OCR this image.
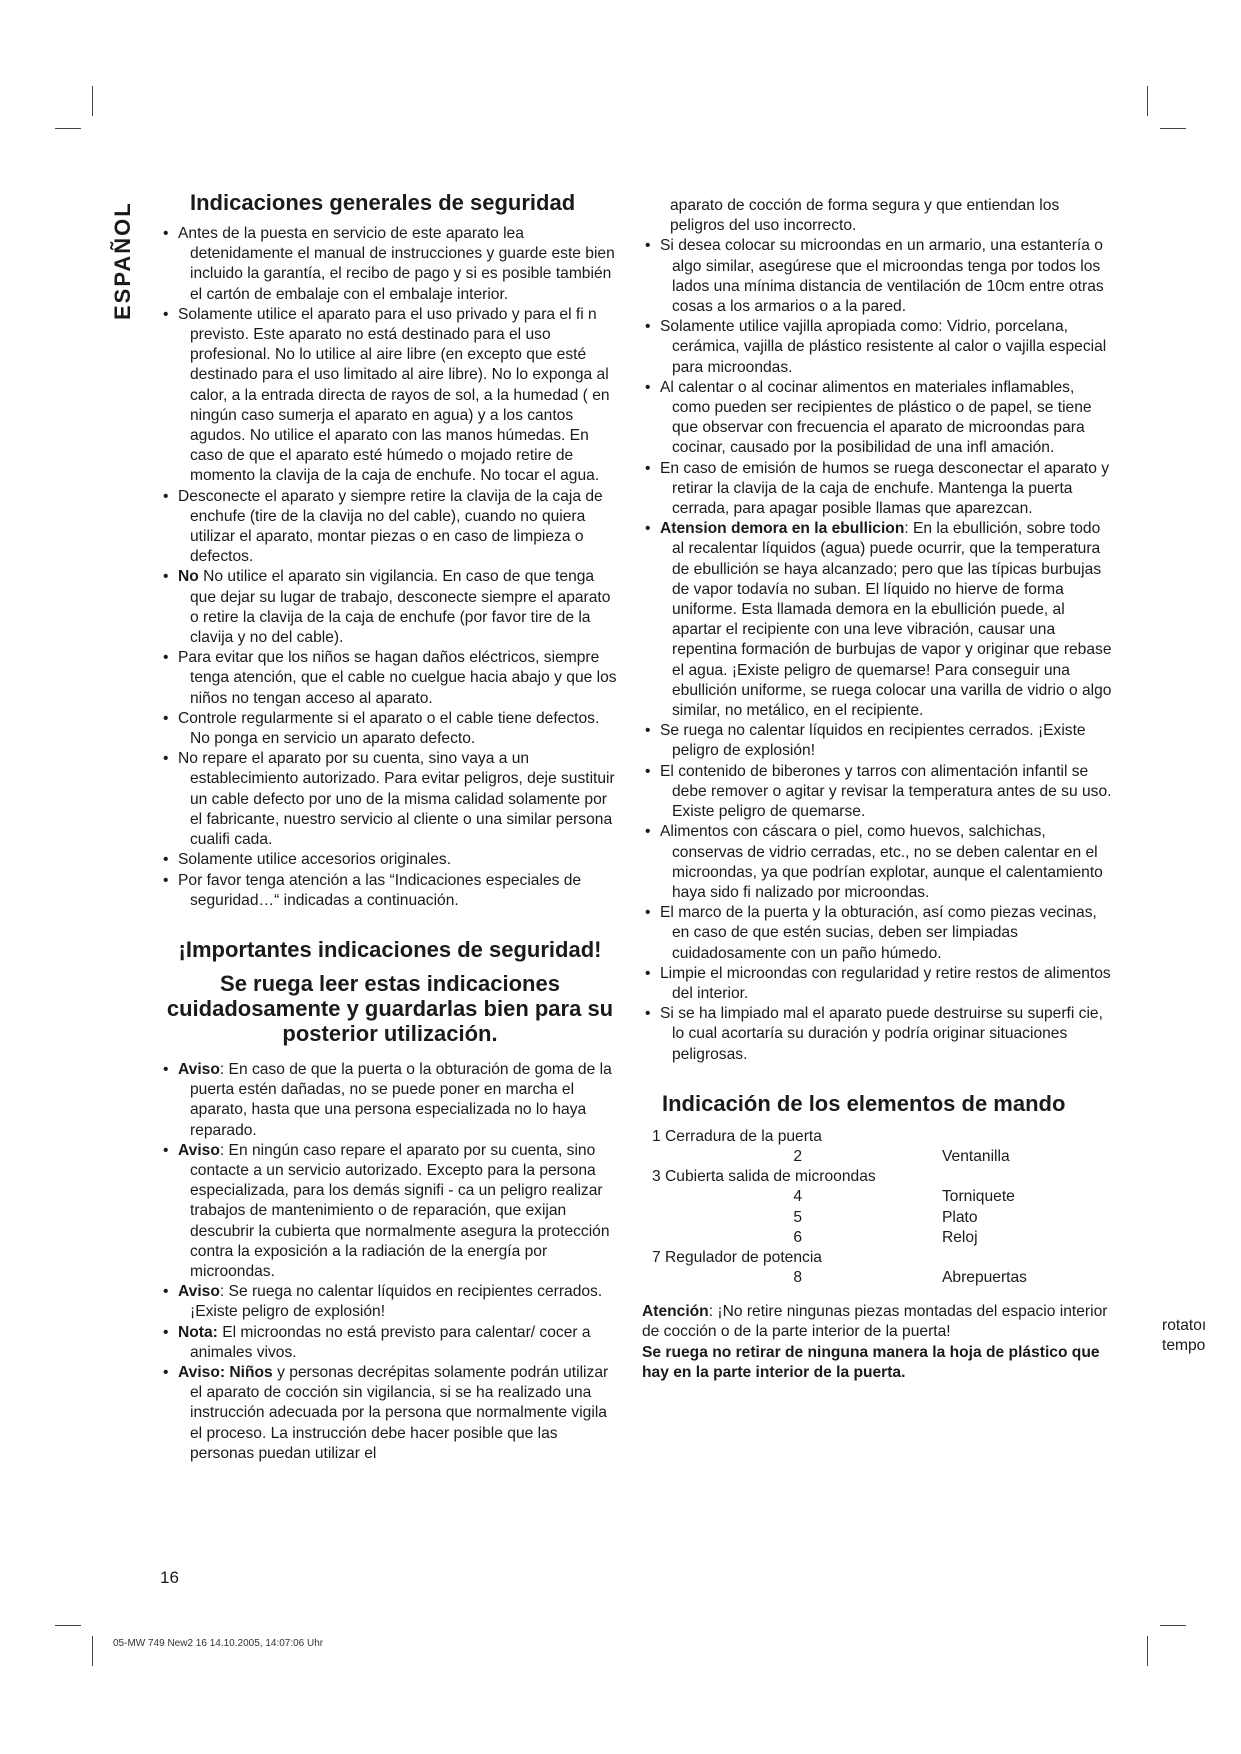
ESPAÑOL	Indicaciones generales de seguridad
• Antes de la puesta en servicio de este aparato lea detenidamente el manual de instrucciones y guarde este bien incluido la garantía, el recibo de pago y si es posible también el cartón de embalaje con el embalaje interior.
• Solamente utilice el aparato para el uso privado y para el fi n previsto. Este aparato no está destinado para el uso profesional. No lo utilice al aire libre (en excepto que esté destinado para el uso limitado al aire libre). No lo exponga al calor, a la entrada directa de rayos de sol, a la humedad ( en ningún caso sumerja el aparato en agua) y a los cantos agudos. No utilice el aparato con las manos húmedas. En caso de que el aparato esté húmedo o mojado retire de momento la clavija de la caja de enchufe. No tocar el agua.
• Desconecte el aparato y siempre retire la clavija de la caja de enchufe (tire de la clavija no del cable), cuando no quiera utilizar el aparato, montar piezas o en caso de limpieza o defectos.
• No No utilice el aparato sin vigilancia. En caso de que tenga que dejar su lugar de trabajo, desconecte siempre el aparato o retire la clavija de la caja de enchufe (por favor tire de la clavija y no del cable).
• Para evitar que los niños se hagan daños eléctricos, siempre tenga atención, que el cable no cuelgue hacia abajo y que los niños no tengan acceso al aparato.
• Controle regularmente si el aparato o el cable tiene defectos. No ponga en servicio un aparato defecto.
• No repare el aparato por su cuenta, sino vaya a un establecimiento autorizado. Para evitar peligros, deje sustituir un cable defecto por uno de la misma calidad solamente por el fabricante, nuestro servicio al cliente o una similar persona cualifi cada.
• Solamente utilice accesorios originales.
• Por favor tenga atención a las “Indicaciones especiales de seguridad…“ indicadas a continuación.
¡Importantes indicaciones de seguridad!
Se ruega leer estas indicaciones cuidadosamente y guardarlas bien para su posterior utilización.
• Aviso: En caso de que la puerta o la obturación de goma de la puerta estén dañadas, no se puede poner en marcha el aparato, hasta que una persona especializada no lo haya reparado.
• Aviso: En ningún caso repare el aparato por su cuenta, sino contacte a un servicio autorizado. Excepto para la persona especializada, para los demás signifi - ca un peligro realizar trabajos de mantenimiento o de reparación, que exijan descubrir la cubierta que normalmente asegura la protección contra la exposición a la radiación de la energía por microondas.
• Aviso: Se ruega no calentar líquidos en recipientes cerrados. ¡Existe peligro de explosión!
• Nota: El microondas no está previsto para calentar/ cocer a animales vivos.
• Aviso: Niños y personas decrépitas solamente podrán utilizar el aparato de cocción sin vigilancia, si se ha realizado una instrucción adecuada por la persona que normalmente vigila el proceso. La instrucción debe hacer posible que las personas puedan utilizar el
aparato de cocción de forma segura y que entiendan los peligros del uso incorrecto.
• Si desea colocar su microondas en un armario, una estantería o algo similar, asegúrese que el microondas tenga por todos los lados una mínima distancia de ventilación de 10cm entre otras cosas a los armarios o a la pared.
• Solamente utilice vajilla apropiada como: Vidrio, porcelana, cerámica, vajilla de plástico resistente al calor o vajilla especial para microondas.
• Al calentar o al cocinar alimentos en materiales inflamables, como pueden ser recipientes de plástico o de papel, se tiene que observar con frecuencia el aparato de microondas para cocinar, causado por la posibilidad de una infl amación.
• En caso de emisión de humos se ruega desconectar el aparato y retirar la clavija de la caja de enchufe. Mantenga la puerta cerrada, para apagar posible llamas que aparezcan.
• Atension demora en la ebullicion: En la ebullición, sobre todo al recalentar líquidos (agua) puede ocurrir, que la temperatura de ebullición se haya alcanzado; pero que las típicas burbujas de vapor todavía no suban. El líquido no hierve de forma uniforme. Esta llamada demora en la ebullición puede, al apartar el recipiente con una leve vibración, causar una repentina formación de burbujas de vapor y originar que rebase el agua. ¡Existe peligro de quemarse! Para conseguir una ebullición uniforme, se ruega colocar una varilla de vidrio o algo similar, no metálico, en el recipiente.
• Se ruega no calentar líquidos en recipientes cerrados. ¡Existe peligro de explosión!
• El contenido de biberones y tarros con alimentación infantil se debe remover o agitar y revisar la temperatura antes de su uso. Existe peligro de quemarse.
• Alimentos con cáscara o piel, como huevos, salchichas, conservas de vidrio cerradas, etc., no se deben calentar en el microondas, ya que podrían explotar, aunque el calentamiento haya sido fi nalizado por microondas.
• El marco de la puerta y la obturación, así como piezas vecinas, en caso de que estén sucias, deben ser limpiadas cuidadosamente con un paño húmedo.
• Limpie el microondas con regularidad y retire restos de alimentos del interior.
• Si se ha limpiado mal el aparato puede destruirse su superfi cie, lo cual acortaría su duración y podría originar situaciones peligrosas.
Indicación de los elementos de mando
1 Cerradura de la puerta
2	Ventanilla
3 Cubierta salida de microondas
4	Torniquete
5	Plato
6	Reloj
7 Regulador de potencia
8	Abrepuertas
Atención: ¡No retire ningunas piezas montadas del espacio interior de cocción o de la parte interior de la puerta!
Se ruega no retirar de ninguna manera la hoja de plástico que hay en la parte interior de la puerta.
rotatoı
tempo
16
05-MW 749 New2 16 14.10.2005, 14:07:06 Uhr
